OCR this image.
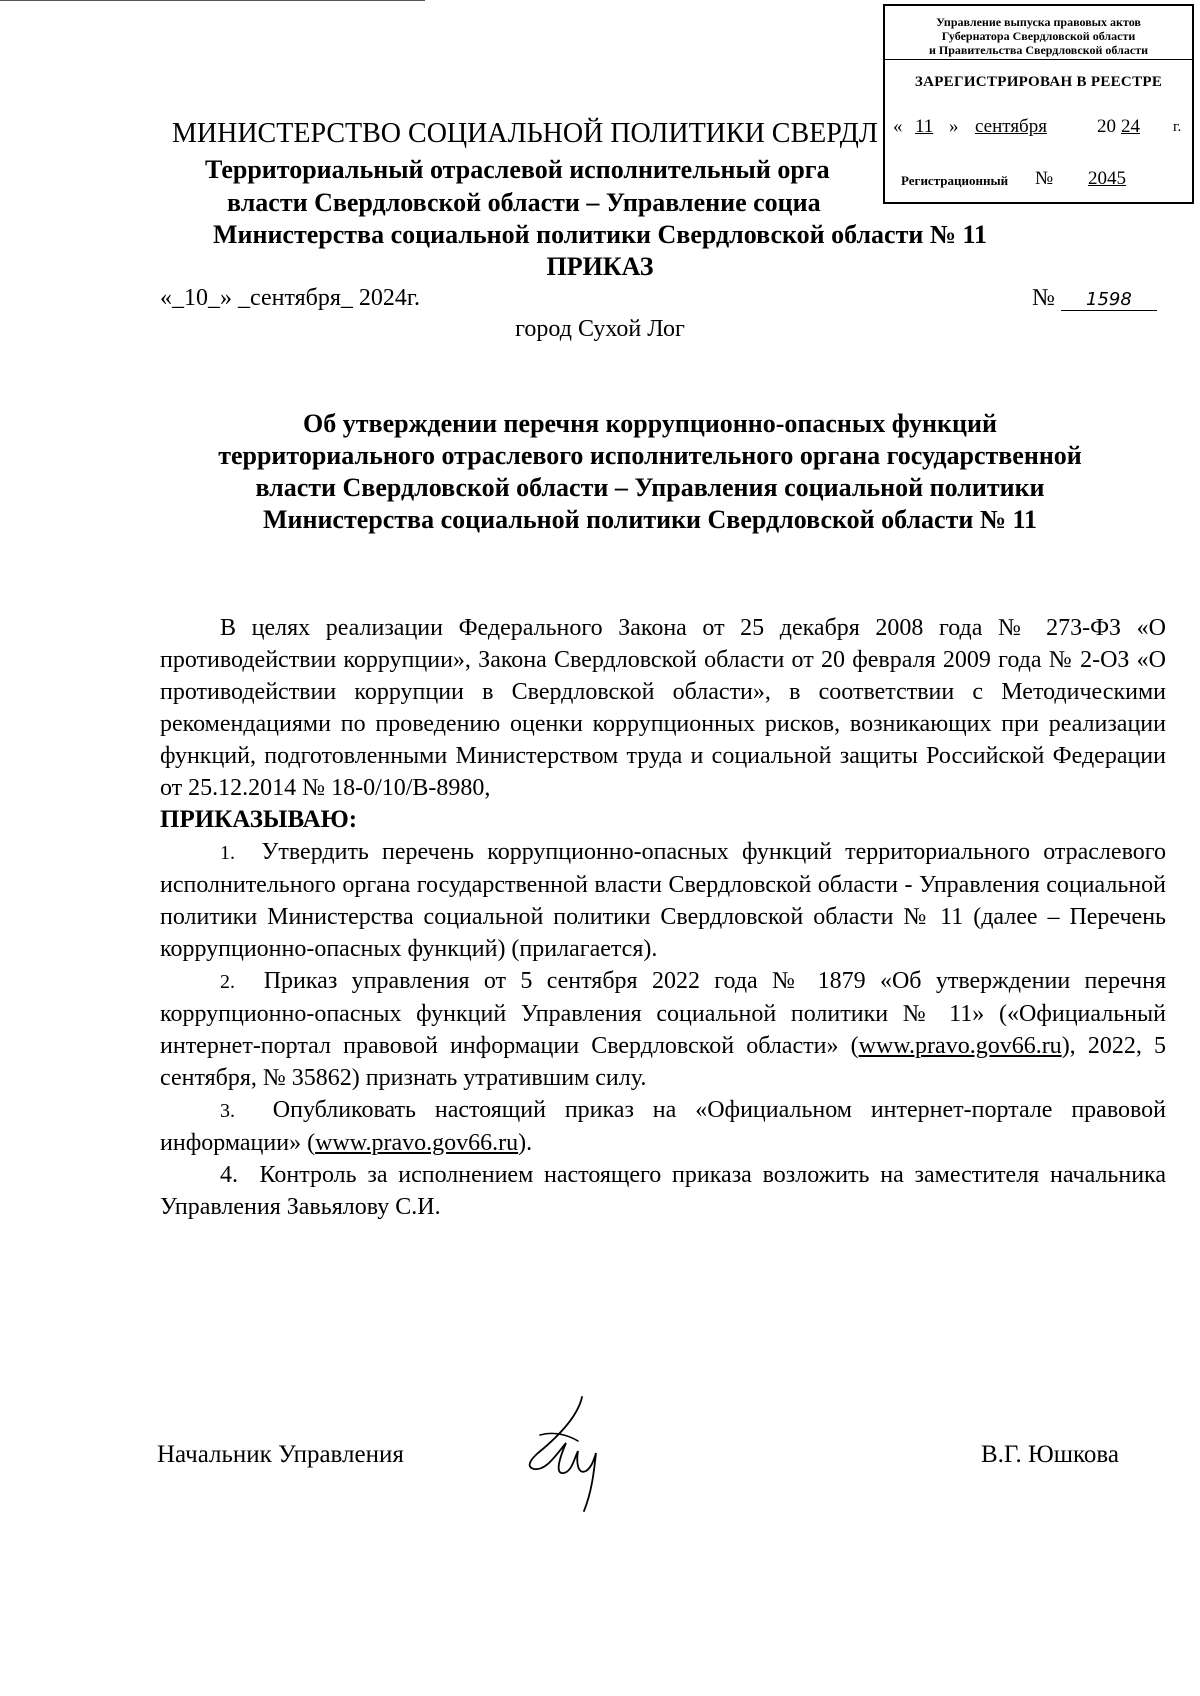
Управление выпуска правовых актов
Губернатора Свердловской области
и Правительства Свердловской области
ЗАРЕГИСТРИРОВАН В РЕЕСТРЕ
« 11 » сентября	20 24 г.
Регистрационный №	2045
МИНИСТЕРСТВО СОЦИАЛЬНОЙ ПОЛИТИКИ СВЕРДЛ
Территориальный отраслевой исполнительный орга
власти Свердловской области – Управление социа
Министерства социальной политики Свердловской области № 11
ПРИКАЗ
«_10_» _сентября_ 2024г.	№ 1598
город Сухой Лог
Об утверждении перечня коррупционно-опасных функций
территориального отраслевого исполнительного органа государственной
власти Свердловской области – Управления социальной политики
Министерства социальной политики Свердловской области № 11

В целях реализации Федерального Закона от 25 декабря 2008 года № 273-ФЗ «О противодействии коррупции», Закона Свердловской области от 20 февраля 2009 года № 2-ОЗ «О противодействии коррупции в Свердловской области», в соответствии с Методическими рекомендациями по проведению оценки коррупционных рисков, возникающих при реализации функций, подготовленными Министерством труда и социальной защиты Российской Федерации от 25.12.2014 № 18-0/10/В-8980,

ПРИКАЗЫВАЮ:

1. Утвердить перечень коррупционно-опасных функций территориального отраслевого исполнительного органа государственной власти Свердловской области - Управления социальной политики Министерства социальной политики Свердловской области № 11 (далее – Перечень коррупционно-опасных функций) (прилагается).

2. Приказ управления от 5 сентября 2022 года № 1879 «Об утверждении перечня коррупционно-опасных функций Управления социальной политики № 11» («Официальный интернет-портал правовой информации Свердловской области» (www.pravo.gov66.ru), 2022, 5 сентября, № 35862) признать утратившим силу.

3. Опубликовать настоящий приказ на «Официальном интернет-портале правовой информации» (www.pravo.gov66.ru).

4. Контроль за исполнением настоящего приказа возложить на заместителя начальника Управления Завьялову С.И.

Начальник Управления	В.Г. Юшкова
